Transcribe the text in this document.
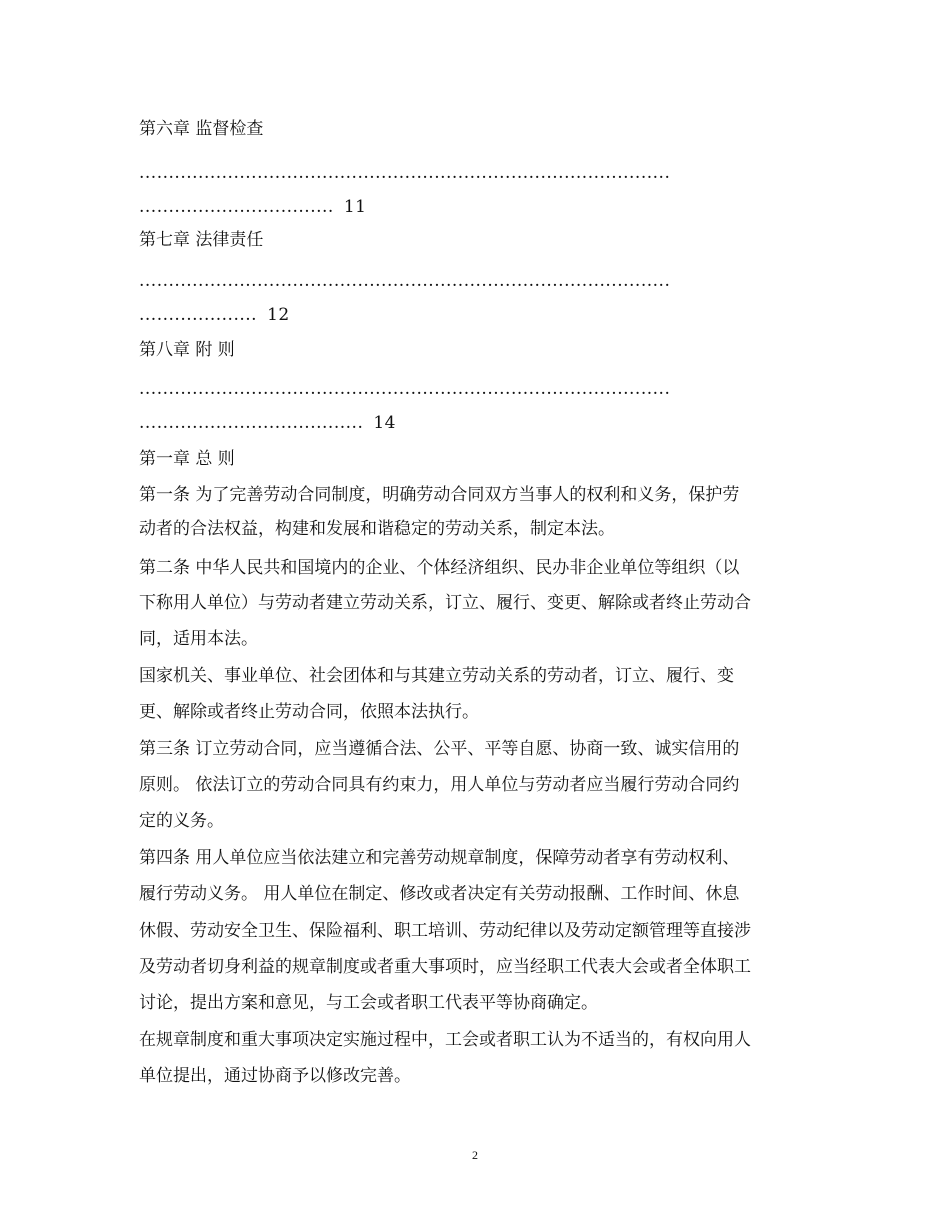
第六章 监督检查
..........................................................................................
................................. 11
第七章 法律责任
..........................................................................................
.................... 12
第八章 附 则
..........................................................................................
...................................... 14
第一章 总 则
第一条 为了完善劳动合同制度，明确劳动合同双方当事人的权利和义务，保护劳
动者的合法权益，构建和发展和谐稳定的劳动关系，制定本法。
第二条 中华人民共和国境内的企业、个体经济组织、民办非企业单位等组织（以
下称用人单位）与劳动者建立劳动关系，订立、履行、变更、解除或者终止劳动合
同，适用本法。
国家机关、事业单位、社会团体和与其建立劳动关系的劳动者，订立、履行、变
更、解除或者终止劳动合同，依照本法执行。
第三条 订立劳动合同，应当遵循合法、公平、平等自愿、协商一致、诚实信用的
原则。 依法订立的劳动合同具有约束力，用人单位与劳动者应当履行劳动合同约
定的义务。
第四条 用人单位应当依法建立和完善劳动规章制度，保障劳动者享有劳动权利、
履行劳动义务。 用人单位在制定、修改或者决定有关劳动报酬、工作时间、休息
休假、劳动安全卫生、保险福利、职工培训、劳动纪律以及劳动定额管理等直接涉
及劳动者切身利益的规章制度或者重大事项时，应当经职工代表大会或者全体职工
讨论，提出方案和意见，与工会或者职工代表平等协商确定。
在规章制度和重大事项决定实施过程中，工会或者职工认为不适当的，有权向用人
单位提出，通过协商予以修改完善。
2
